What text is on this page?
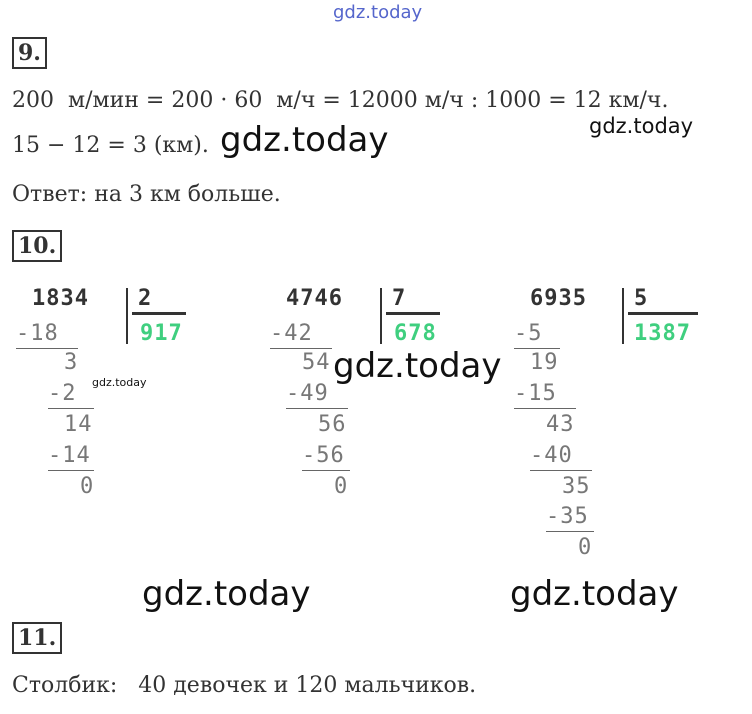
gdz.today
9.
200  м/мин = 200 · 60  м/ч = 12000 м/ч : 1000 = 12 км/ч.
gdz.today
15 − 12 = 3 (км). gdz.today
Ответ: на 3 км больше.
10.
1834 2
917
-18
3
-2 gdz.today
14
-14
0
4746 7
678
-42
54
-49
56
-56
0
gdz.today
6935 5
1387
-5
19
-15
43
-40
35
-35
0
gdz.today	gdz.today
11.
Столбик:   40 девочек и 120 мальчиков.
